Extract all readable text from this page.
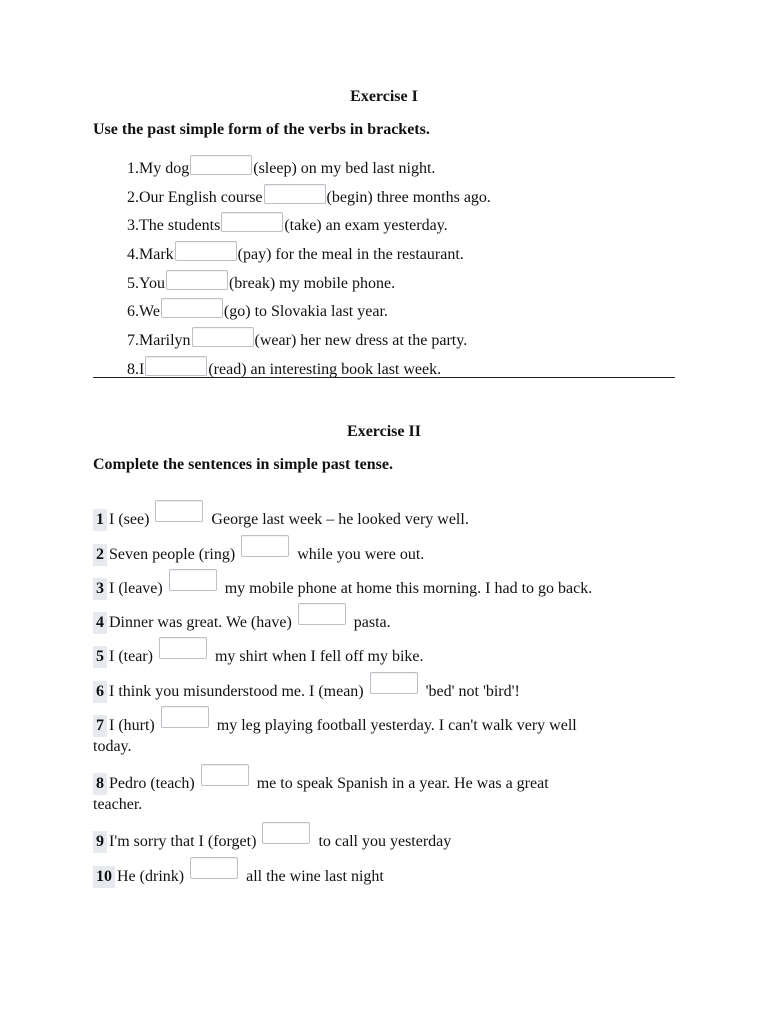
Exercise I
Use the past simple form of the verbs in brackets.
1. My dog	(sleep) on my bed last night.
2. Our English course	(begin) three months ago.
3. The students	(take) an exam yesterday.
4. Mark	(pay) for the meal in the restaurant.
5. You	(break) my mobile phone.
6. We	(go) to Slovakia last year.
7. Marilyn	(wear) her new dress at the party.
8. I	(read) an interesting book last week.
Exercise II
Complete the sentences in simple past tense.
1 I (see)	George last week – he looked very well.
2 Seven people (ring)	while you were out.
3 I (leave)	my mobile phone at home this morning. I had to go back.
4 Dinner was great. We (have)	pasta.
5 I (tear)	my shirt when I fell off my bike.
6 I think you misunderstood me. I (mean)	'bed' not 'bird'!
7 I (hurt)	my leg playing football yesterday. I can't walk very well
today.
8 Pedro (teach)	me to speak Spanish in a year. He was a great
teacher.
9 I'm sorry that I (forget)	to call you yesterday
10 He (drink)	all the wine last night
